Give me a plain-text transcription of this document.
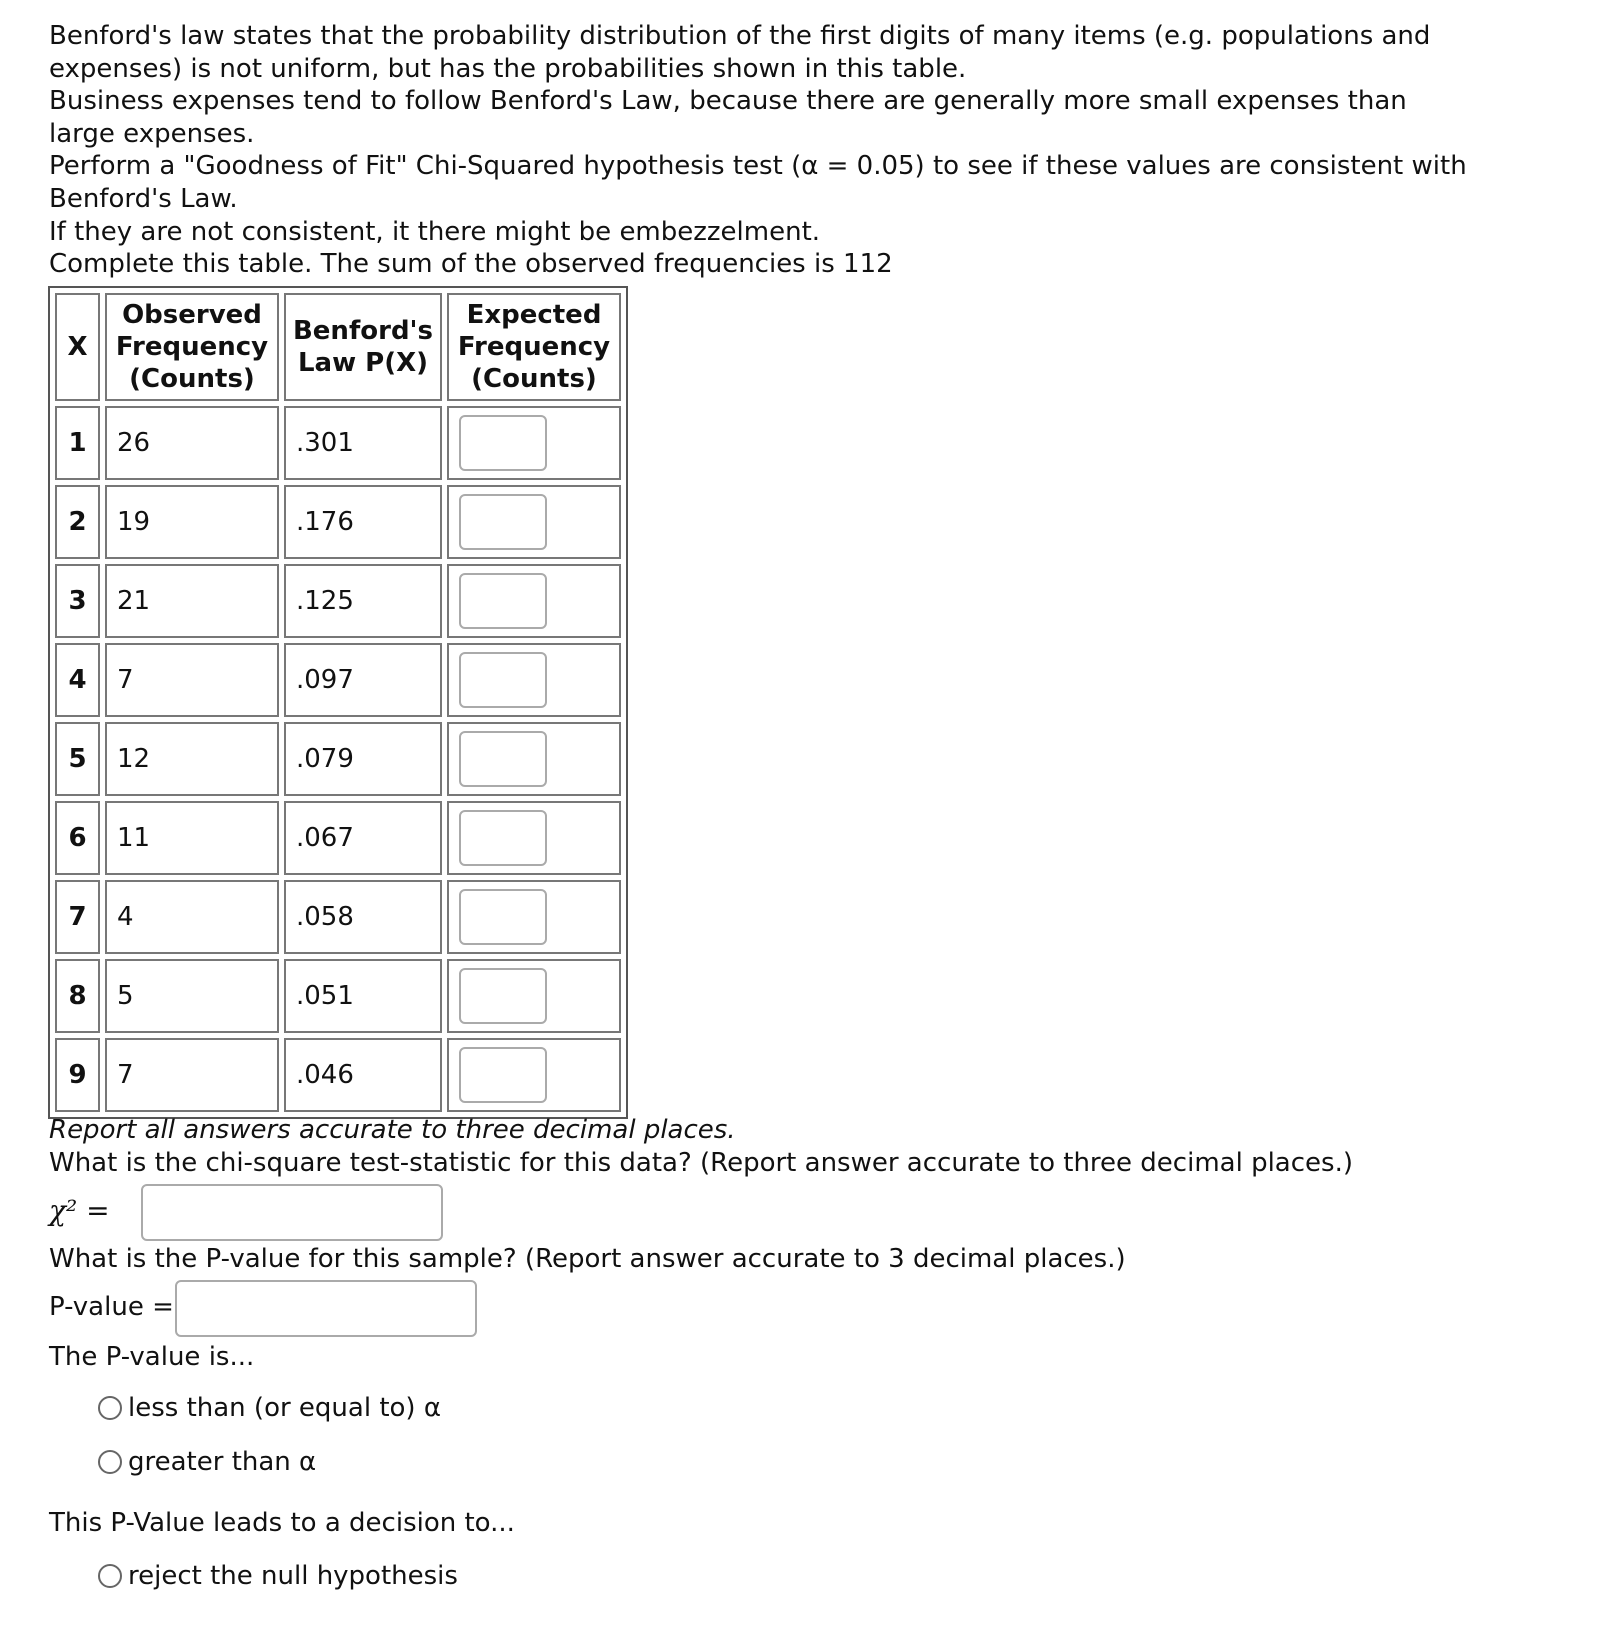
Benford's law states that the probability distribution of the first digits of many items (e.g. populations and expenses) is not uniform, but has the probabilities shown in this table.

Business expenses tend to follow Benford's Law, because there are generally more small expenses than large expenses.

Perform a "Goodness of Fit" Chi-Squared hypothesis test (α = 0.05) to see if these values are consistent with Benford's Law.

If they are not consistent, it there might be embezzelment.

Complete this table. The sum of the observed frequencies is 112

X	Observed Frequency (Counts)	Benford's Law P(X)	Expected Frequency (Counts)
1	26	.301	

2	19	.176	

3	21	.125	

4	7	.097	

5	12	.079	

6	11	.067	

7	4	.058	

8	5	.051	

9	7	.046	
Report all answers accurate to three decimal places.
What is the chi-square test-statistic for this data? (Report answer accurate to three decimal places.)
χ² =
What is the P-value for this sample? (Report answer accurate to 3 decimal places.)
P-value =
The P-value is...
less than (or equal to) α
greater than α
This P-Value leads to a decision to...
reject the null hypothesis
